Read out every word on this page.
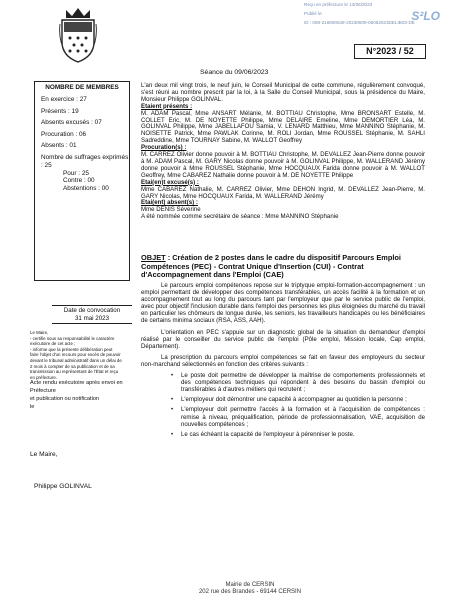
Reçu en préfecture le 13/06/2023
Publié le
ID : 069-216900548-20230609-06062023DELIB03-DE
S²LO
N°2023 / 52
Séance du 09/06/2023
NOMBRE DE MEMBRES
En exercice : 27
Présents : 19
Absents excusés : 07
Procuration : 06
Absents : 01
Nombre de suffrages exprimés : 25
Pour : 25
Contre : 00
Abstentions : 00
Date de convocation
31 mai 2023

Le Maire,

- certifie sous sa responsabilité le caractère exécutoire de cet acte ;

- informe que la présente délibération peut faire l'objet d'un recours pour excès de pouvoir devant le tribunal administratif dans un délai de 2 mois à compter de sa publication et de sa transmission au représentant de l'État et reçu en préfecture.

Acte rendu exécutoire après envoi en Préfecture
et publication ou notification
le
Le Maire,
Philippe GOLINVAL

L'an deux mil vingt trois, le neuf juin, le Conseil Municipal de cette commune, régulièrement convoqué, s'est réuni au nombre prescrit par la loi, à la Salle du Conseil Municipal, sous la présidence du Maire, Monsieur Philippe GOLINVAL.

Etaient présents :

M. ADAM Pascal, Mme ANSART Mélanie, M. BOTTIAU Christophe, Mme BRONSART Estelle, M. COLLET Eric, M. DE NOYETTE Philippe, Mme DELAIRE Emeline, Mme DEMORTIER Léa, M. GOLINVAL Philippe, Mme JABELLAFOU Samia, V. LENARD Matthieu, Mme MANNINO Stéphanie, M. NOISETTE Patrick, Mme PAWLAK Corinne, M. ROLI Jordan, Mme ROUSSEL Stéphanie, M. SAHLI Sadreddine, Mme TOURNAY Sabine, M. WALLOT Geoffrey

Procuration(s) :

M. CARREZ Olivier donne pouvoir à M. BOTTIAU Christophe, M. DEVALLEZ Jean-Pierre donne pouvoir à M. ADAM Pascal, M. GARY Nicolas donne pouvoir à M. GOLINVAL Philippe, M. WALLERAND Jérémy donne pouvoir à Mme ROUSSEL Stéphanie, Mme HOCQUAUX Farida donne pouvoir à M. WALLOT Geoffrey, Mme CABAREZ Nathalie donne pouvoir à M. DE NOYETTE Philippe

Etai(en)t excusé(s) :

Mme CABAREZ Nathalie, M. CARREZ Olivier, Mme DEHON Ingrid, M. DEVALLEZ Jean-Pierre, M. GARY Nicolas, Mme HOCQUAUX Farida, M. WALLERAND Jérémy

Etai(ent) absent(s) :

Mme DENIS Séverine

A été nommée comme secrétaire de séance : Mme MANNINO Stéphanie

OBJET : Création de 2 postes dans le cadre du dispositif Parcours Emploi Compétences (PEC) - Contrat Unique d'Insertion (CUI) - Contrat d'Accompagnement dans l'Emploi (CAE)

Le parcours emploi compétences repose sur le triptyque emploi-formation-accompagnement : un emploi permettant de développer des compétences transférables, un accès facilité à la formation et un accompagnement tout au long du parcours tant par l'employeur que par le service public de l'emploi, avec pour objectif l'inclusion durable dans l'emploi des personnes les plus éloignées du marché du travail en particulier les chômeurs de longue durée, les seniors, les travailleurs handicapés ou les bénéficiaires de certains minima sociaux (RSA, ASS, AAH).

L'orientation en PEC s'appuie sur un diagnostic global de la situation du demandeur d'emploi réalisé par le conseiller du service public de l'emploi (Pôle emploi, Mission locale, Cap emploi, Département).

La prescription du parcours emploi compétences se fait en faveur des employeurs du secteur non-marchand sélectionnés en fonction des critères suivants :

• Le poste doit permettre de développer la maîtrise de comportements professionnels et des compétences techniques qui répondent à des besoins du bassin d'emploi ou transférables à d'autres métiers qui recrutent ;
• L'employeur doit démontrer une capacité à accompagner au quotidien la personne ;
• L'employeur doit permettre l'accès à la formation et à l'acquisition de compétences : remise à niveau, préqualification, période de professionnalisation, VAE, acquisition de nouvelles compétences ;
• Le cas échéant la capacité de l'employeur à pérenniser le poste.
Mairie de CERSIN
202 rue des Brandes - 69144 CERSIN
